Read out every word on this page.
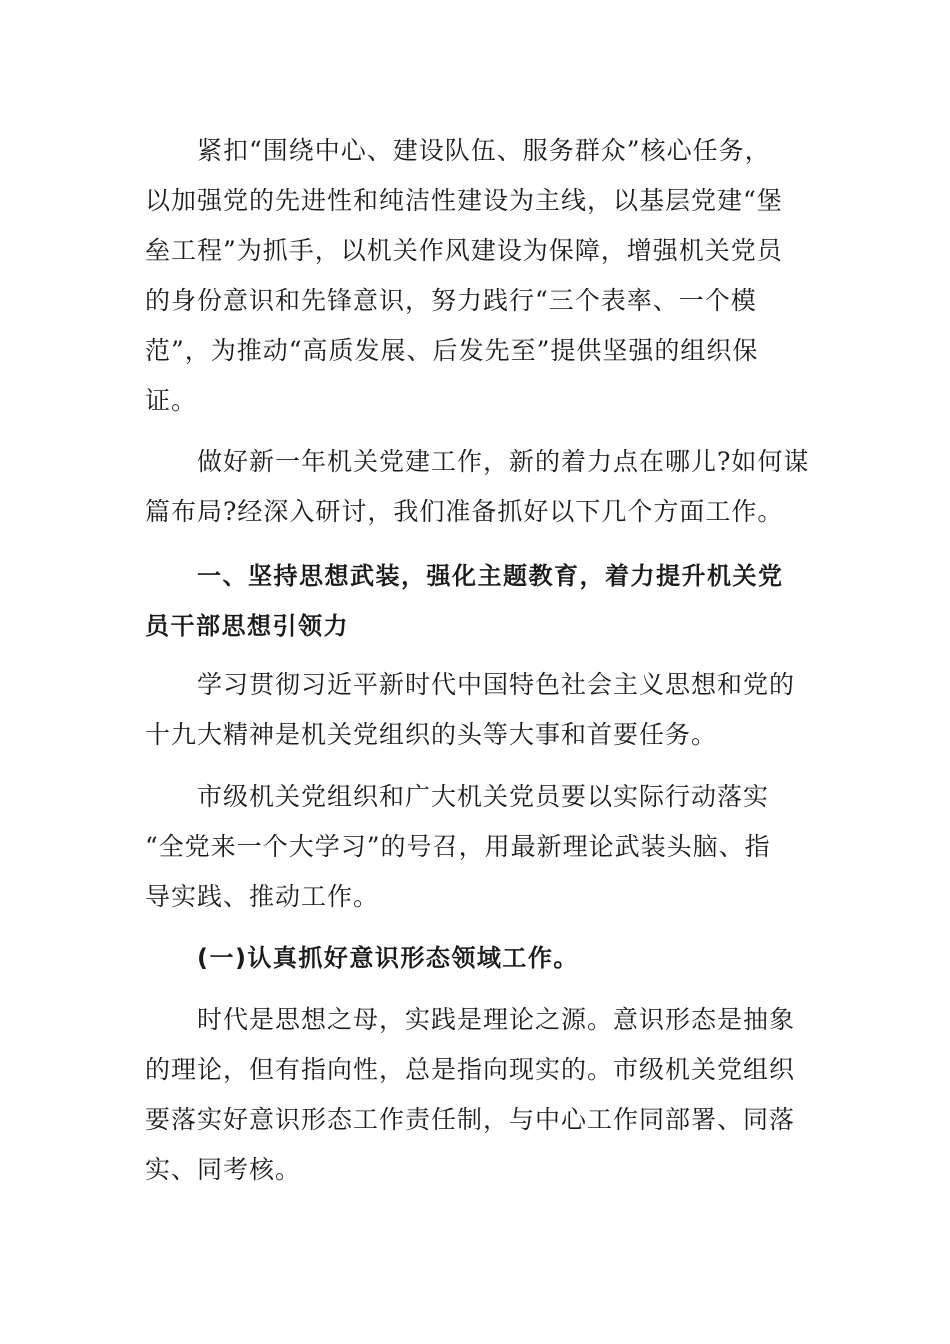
紧扣“围绕中心、建设队伍、服务群众”核心任务，
以加强党的先进性和纯洁性建设为主线，以基层党建“堡
垒工程”为抓手，以机关作风建设为保障，增强机关党员
的身份意识和先锋意识，努力践行“三个表率、一个模
范”，为推动“高质发展、后发先至”提供坚强的组织保
证。
做好新一年机关党建工作，新的着力点在哪儿?如何谋
篇布局?经深入研讨，我们准备抓好以下几个方面工作。
一、坚持思想武装，强化主题教育，着力提升机关党
员干部思想引领力
学习贯彻习近平新时代中国特色社会主义思想和党的
十九大精神是机关党组织的头等大事和首要任务。
市级机关党组织和广大机关党员要以实际行动落实
“全党来一个大学习”的号召，用最新理论武装头脑、指
导实践、推动工作。
(一)认真抓好意识形态领域工作。
时代是思想之母，实践是理论之源。意识形态是抽象
的理论，但有指向性，总是指向现实的。市级机关党组织
要落实好意识形态工作责任制，与中心工作同部署、同落
实、同考核。
